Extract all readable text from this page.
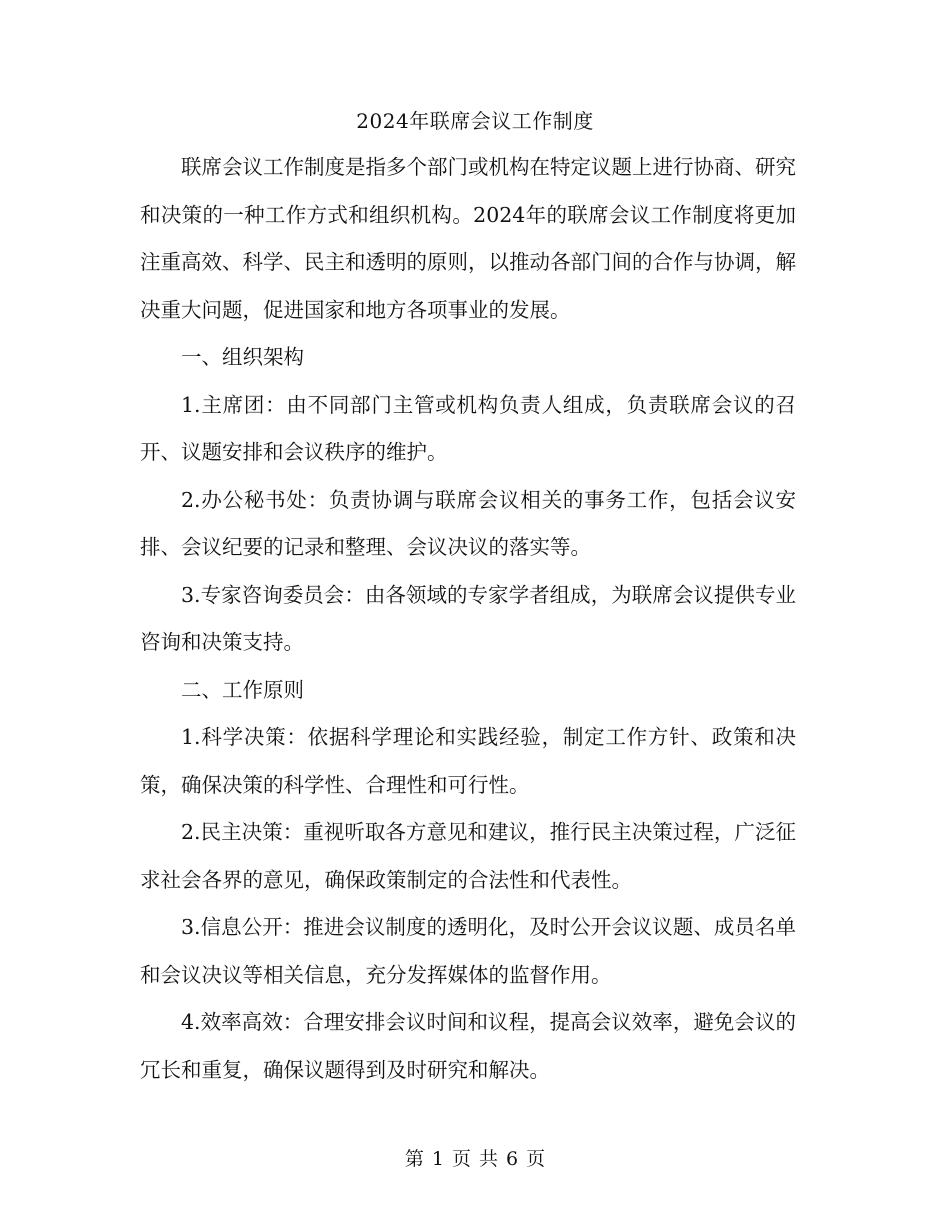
2024年联席会议工作制度

联席会议工作制度是指多个部门或机构在特定议题上进行协商、研究和决策的一种工作方式和组织机构。2024年的联席会议工作制度将更加注重高效、科学、民主和透明的原则，以推动各部门间的合作与协调，解决重大问题，促进国家和地方各项事业的发展。

一、组织架构

1.主席团：由不同部门主管或机构负责人组成，负责联席会议的召开、议题安排和会议秩序的维护。

2.办公秘书处：负责协调与联席会议相关的事务工作，包括会议安排、会议纪要的记录和整理、会议决议的落实等。

3.专家咨询委员会：由各领域的专家学者组成，为联席会议提供专业咨询和决策支持。

二、工作原则

1.科学决策：依据科学理论和实践经验，制定工作方针、政策和决策，确保决策的科学性、合理性和可行性。

2.民主决策：重视听取各方意见和建议，推行民主决策过程，广泛征求社会各界的意见，确保政策制定的合法性和代表性。

3.信息公开：推进会议制度的透明化，及时公开会议议题、成员名单和会议决议等相关信息，充分发挥媒体的监督作用。

4.效率高效：合理安排会议时间和议程，提高会议效率，避免会议的冗长和重复，确保议题得到及时研究和解决。

第 1 页 共 6 页
